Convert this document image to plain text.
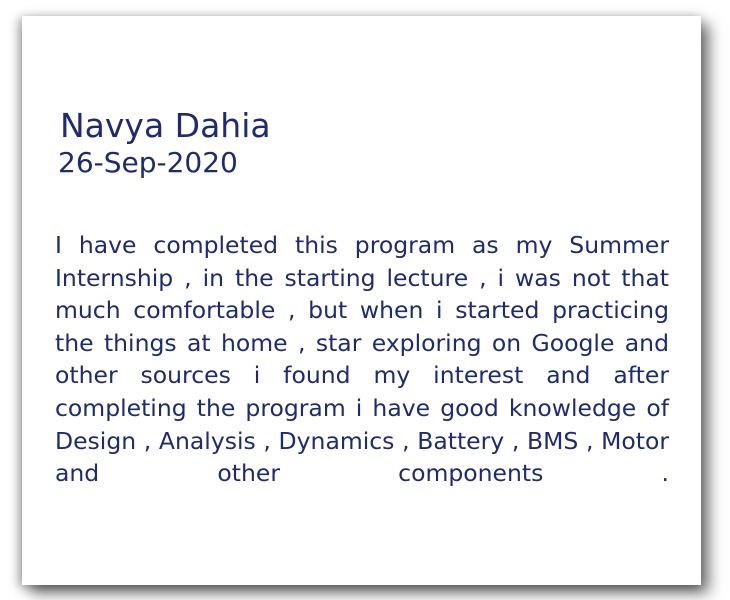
Navya Dahia
26-Sep-2020

I have completed this program as my Summer Internship , in the starting lecture , i was not that much comfortable , but when i started practicing the things at home , star exploring on Google and other sources i found my interest and after completing the program i have good knowledge of Design , Analysis , Dynamics , Battery , BMS , Motor and other components .
